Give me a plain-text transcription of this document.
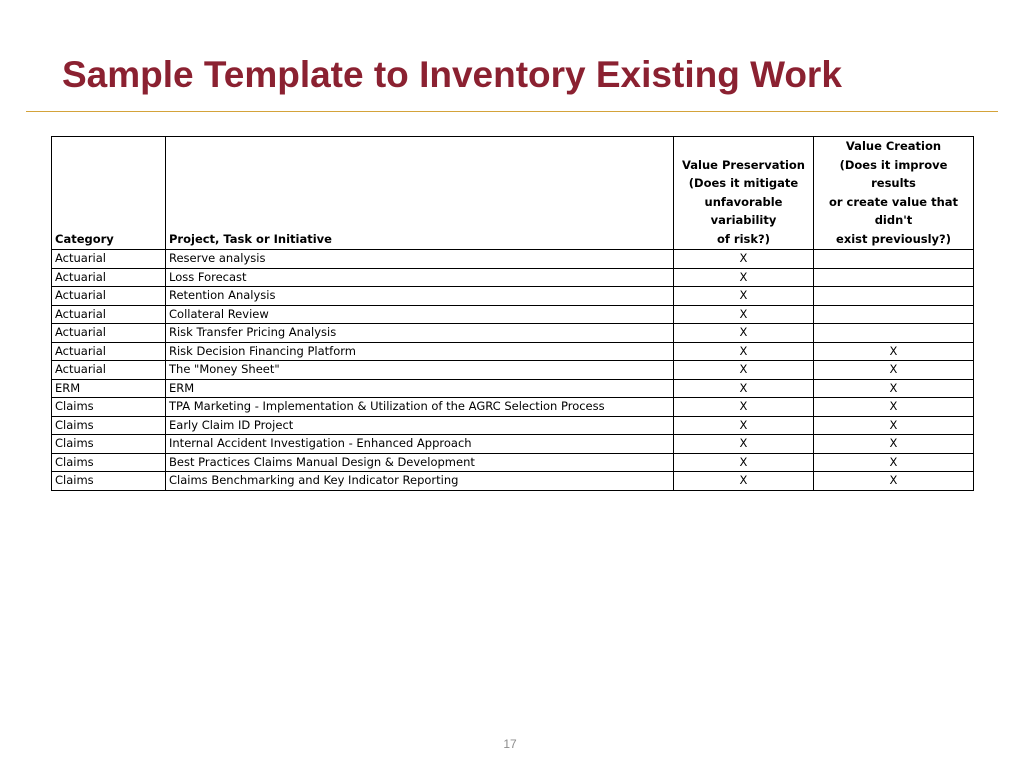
Sample Template to Inventory Existing Work
Category	Project, Task or Initiative	Value Preservation
(Does it mitigate
unfavorable variability
of risk?)	Value Creation
(Does it improve results
or create value that didn't
exist previously?)

Actuarial	Reserve analysis	X	
Actuarial	Loss Forecast	X	
Actuarial	Retention Analysis	X	
Actuarial	Collateral Review	X	
Actuarial	Risk Transfer Pricing Analysis	X	
Actuarial	Risk Decision Financing Platform	X	X
Actuarial	The "Money Sheet"	X	X
ERM	ERM	X	X
Claims	TPA Marketing - Implementation & Utilization of the AGRC Selection Process	X	X
Claims	Early Claim ID Project	X	X
Claims	Internal Accident Investigation - Enhanced Approach	X	X
Claims	Best Practices Claims Manual Design & Development	X	X
Claims	Claims Benchmarking and Key Indicator Reporting	X	X
17
